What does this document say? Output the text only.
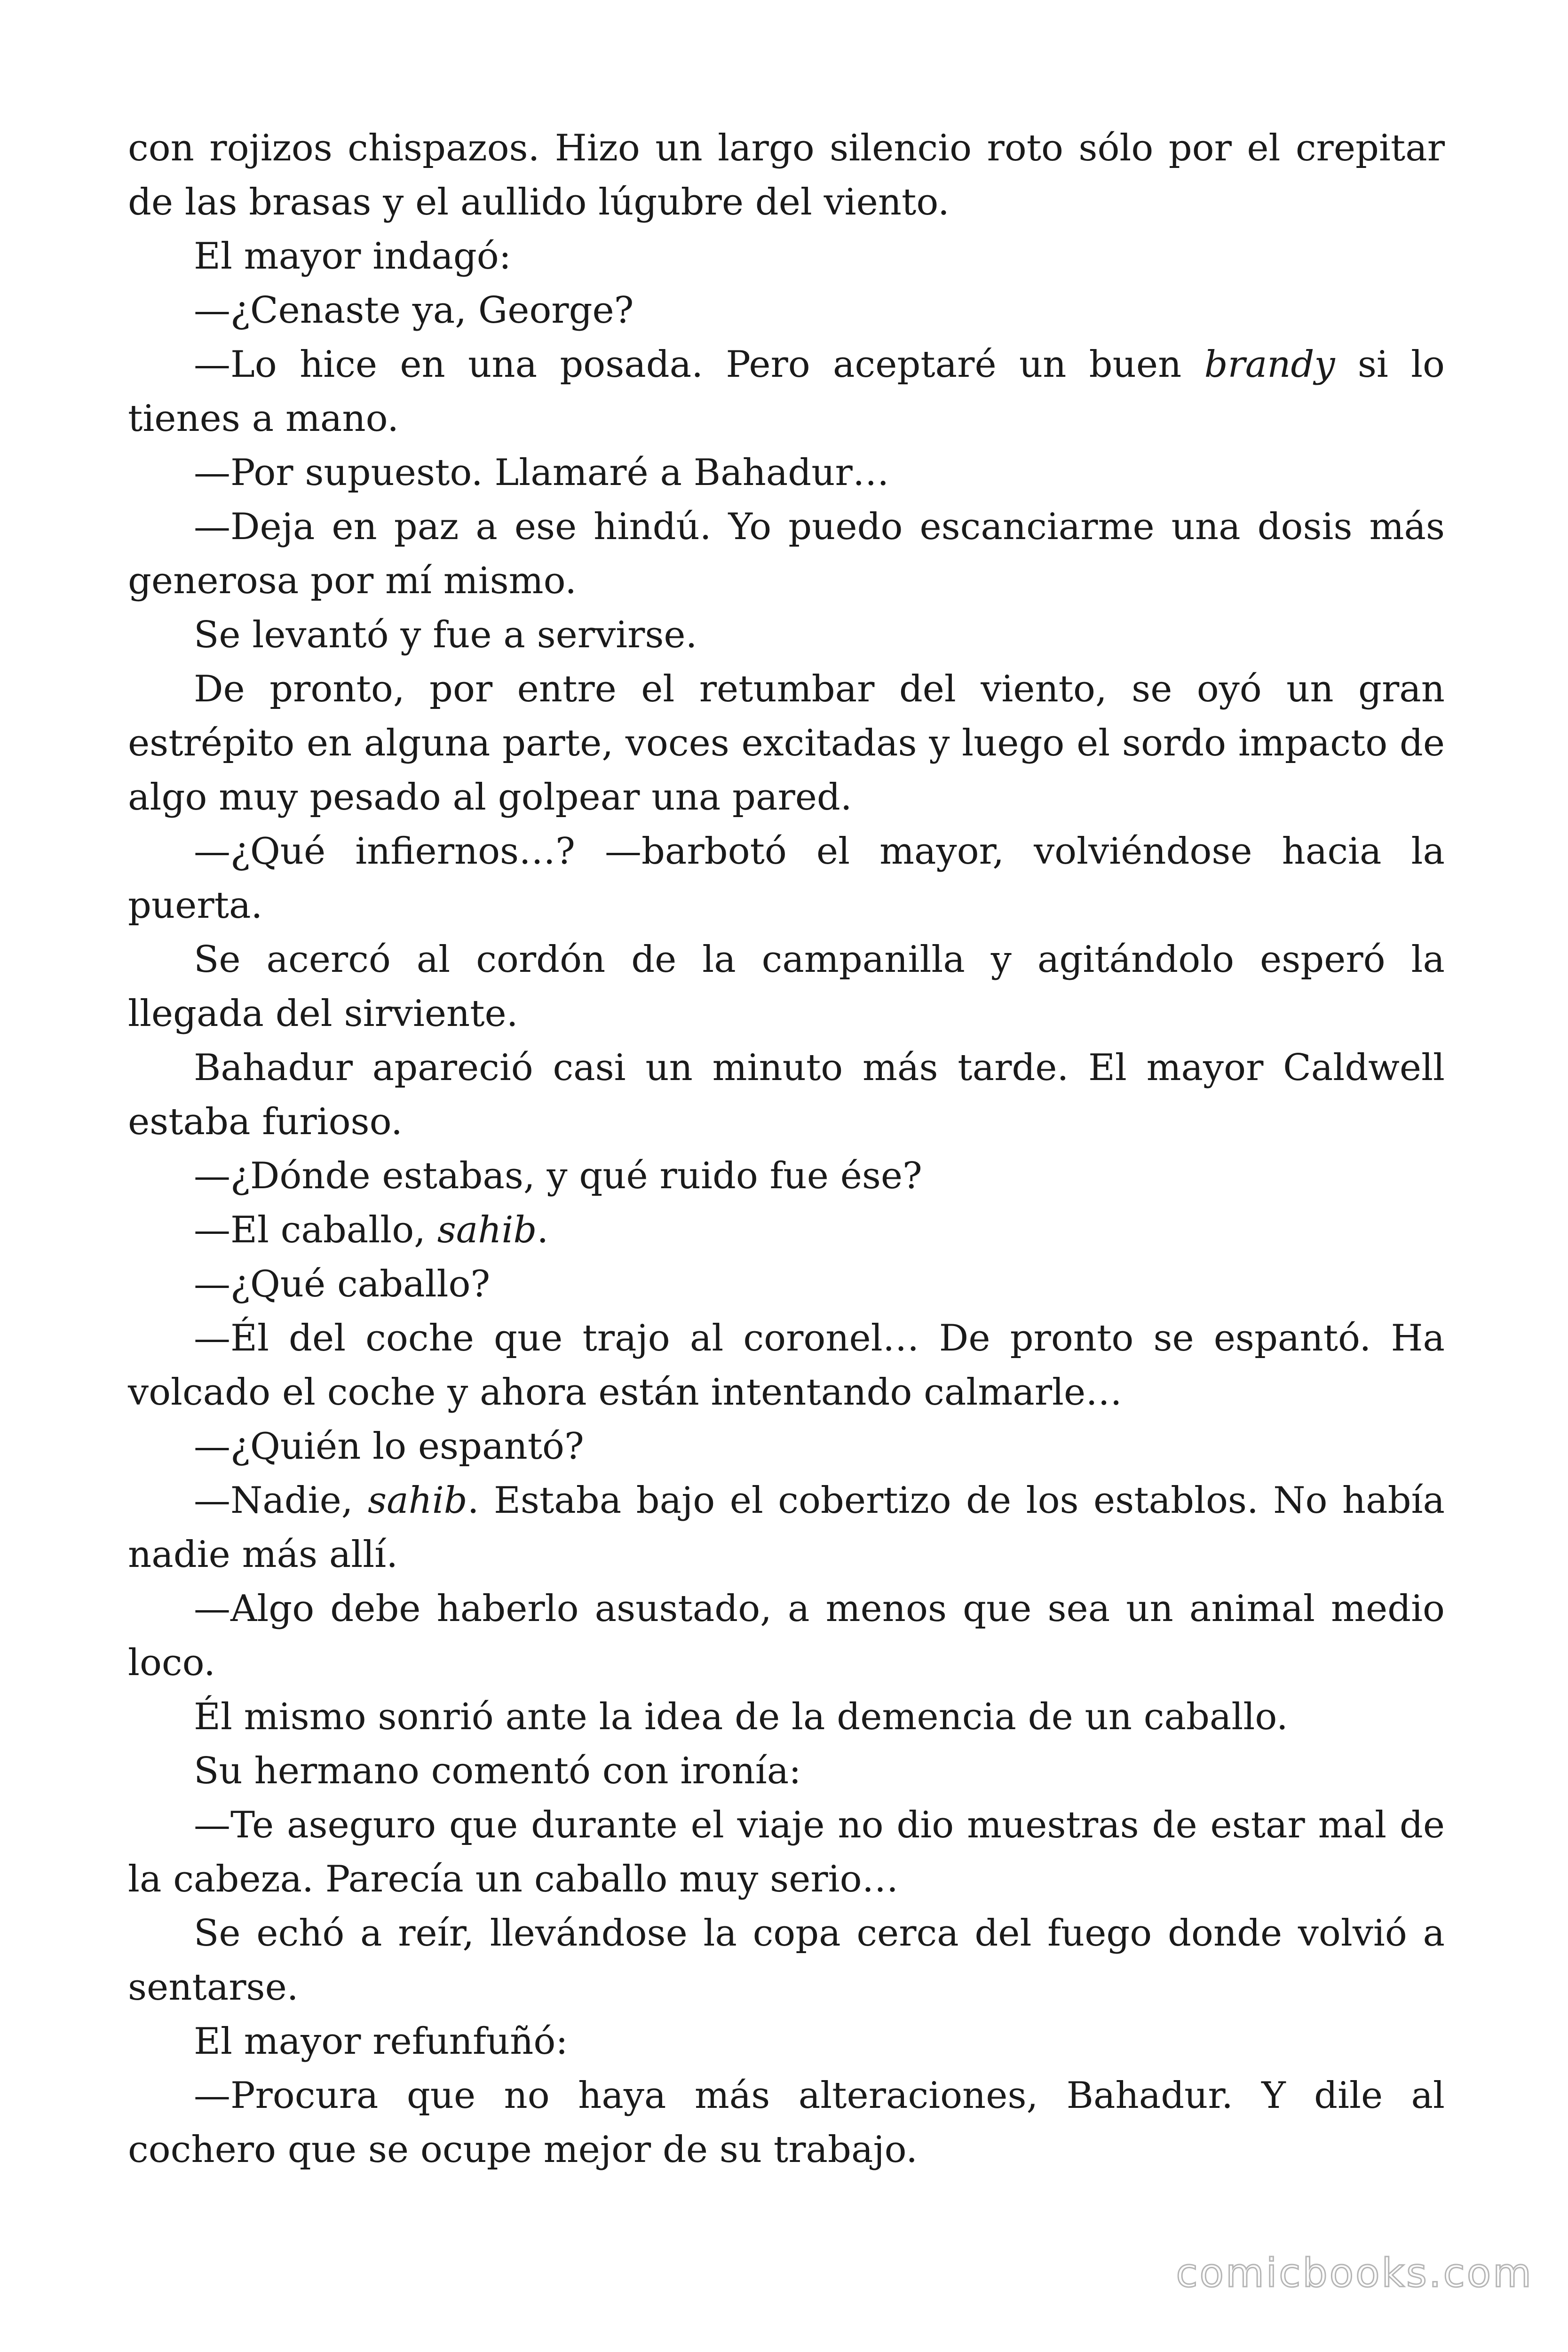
con rojizos chispazos. Hizo un largo silencio roto sólo por el crepitar de las brasas y el aullido lúgubre del viento.

El mayor indagó:

—¿Cenaste ya, George?

—Lo hice en una posada. Pero aceptaré un buen brandy si lo tienes a mano.

—Por supuesto. Llamaré a Bahadur…

—Deja en paz a ese hindú. Yo puedo escanciarme una dosis más generosa por mí mismo.

Se levantó y fue a servirse.

De pronto, por entre el retumbar del viento, se oyó un gran estrépito en alguna parte, voces excitadas y luego el sordo impacto de algo muy pesado al golpear una pared.

—¿Qué infiernos…? —barbotó el mayor, volviéndose hacia la puerta.

Se acercó al cordón de la campanilla y agitándolo esperó la llegada del sirviente.

Bahadur apareció casi un minuto más tarde. El mayor Caldwell estaba furioso.

—¿Dónde estabas, y qué ruido fue ése?

—El caballo, sahib.

—¿Qué caballo?

—Él del coche que trajo al coronel… De pronto se espantó. Ha volcado el coche y ahora están intentando calmarle…

—¿Quién lo espantó?

—Nadie, sahib. Estaba bajo el cobertizo de los establos. No había nadie más allí.

—Algo debe haberlo asustado, a menos que sea un animal medio loco.

Él mismo sonrió ante la idea de la demencia de un caballo.

Su hermano comentó con ironía:

—Te aseguro que durante el viaje no dio muestras de estar mal de la cabeza. Parecía un caballo muy serio…

Se echó a reír, llevándose la copa cerca del fuego donde volvió a sentarse.

El mayor refunfuñó:

—Procura que no haya más alteraciones, Bahadur. Y dile al cochero que se ocupe mejor de su trabajo.

comicbooks.com
